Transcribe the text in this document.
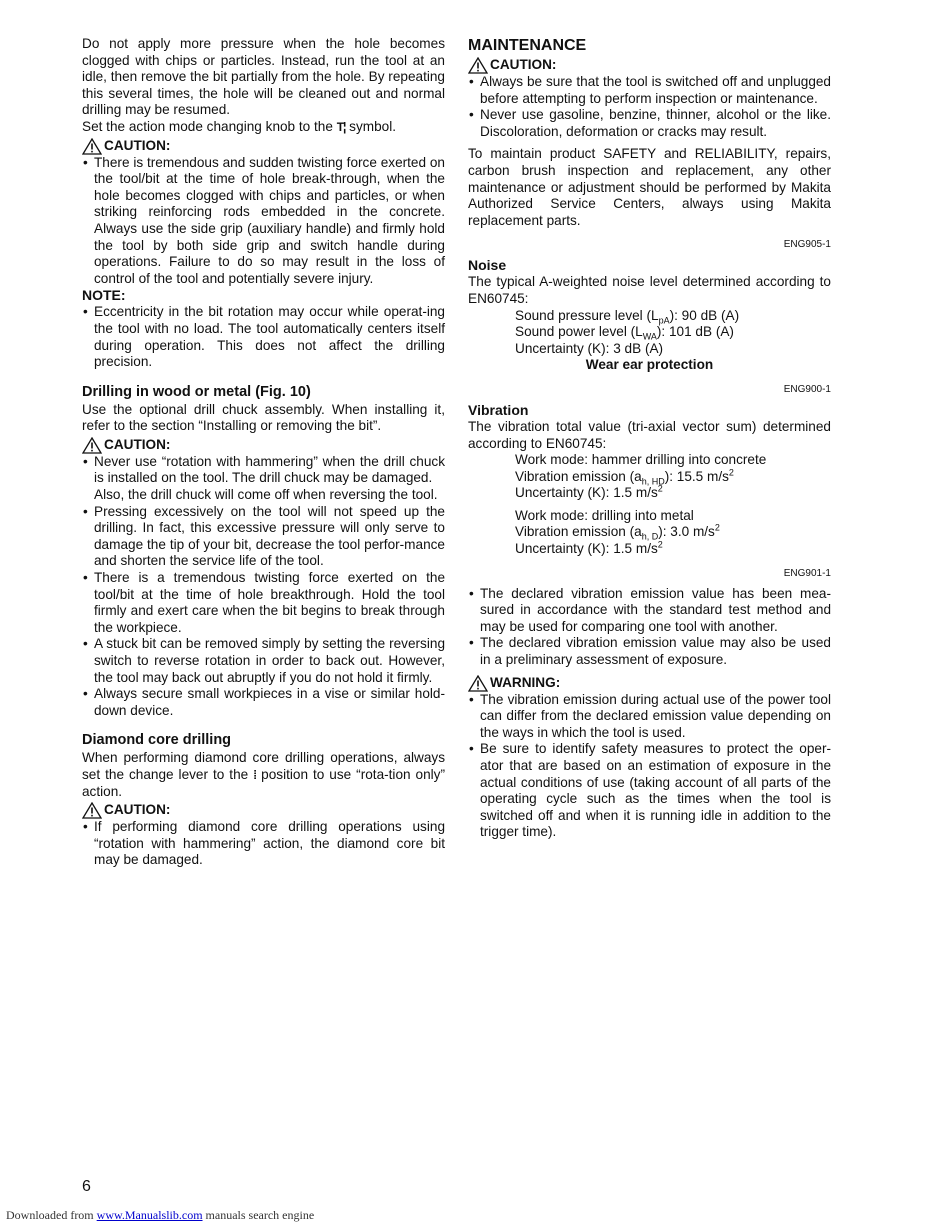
Do not apply more pressure when the hole becomes clogged with chips or particles. Instead, run the tool at an idle, then remove the bit partially from the hole. By repeating this several times, the hole will be cleaned out and normal drilling may be resumed.

Set the action mode changing knob to the T¦ symbol.

CAUTION:
• There is tremendous and sudden twisting force exerted on the tool/bit at the time of hole break-through, when the hole becomes clogged with chips and particles, or when striking reinforcing rods embedded in the concrete. Always use the side grip (auxiliary handle) and firmly hold the tool by both side grip and switch handle during operations. Failure to do so may result in the loss of control of the tool and potentially severe injury.
NOTE:
• Eccentricity in the bit rotation may occur while operat-ing the tool with no load. The tool automatically centers itself during operation. This does not affect the drilling precision.
Drilling in wood or metal (Fig. 10)

Use the optional drill chuck assembly. When installing it, refer to the section “Installing or removing the bit”.

CAUTION:
• Never use “rotation with hammering” when the drill chuck is installed on the tool. The drill chuck may be damaged.
Also, the drill chuck will come off when reversing the tool.
• Pressing excessively on the tool will not speed up the drilling. In fact, this excessive pressure will only serve to damage the tip of your bit, decrease the tool perfor-mance and shorten the service life of the tool.
• There is a tremendous twisting force exerted on the tool/bit at the time of hole breakthrough. Hold the tool firmly and exert care when the bit begins to break through the workpiece.
• A stuck bit can be removed simply by setting the reversing switch to reverse rotation in order to back out. However, the tool may back out abruptly if you do not hold it firmly.
• Always secure small workpieces in a vise or similar hold-down device.
Diamond core drilling

When performing diamond core drilling operations, always set the change lever to the ⁞ position to use “rota-tion only” action.

CAUTION:
• If performing diamond core drilling operations using “rotation with hammering” action, the diamond core bit may be damaged.
MAINTENANCE
CAUTION:
• Always be sure that the tool is switched off and unplugged before attempting to perform inspection or maintenance.
• Never use gasoline, benzine, thinner, alcohol or the like. Discoloration, deformation or cracks may result.

To maintain product SAFETY and RELIABILITY, repairs, carbon brush inspection and replacement, any other maintenance or adjustment should be performed by Makita Authorized Service Centers, always using Makita replacement parts.

ENG905-1
Noise

The typical A-weighted noise level determined according to EN60745:

Sound pressure level $(L_{pA})$: 90 dB (A)
Sound power level $(L_{WA})$: 101 dB (A)
Uncertainty (K): 3 dB (A)
Wear ear protection
ENG900-1
Vibration

The vibration total value (tri-axial vector sum) determined according to EN60745:

Work mode: hammer drilling into concrete
Vibration emission $(a_{h, HD})$: 15.5 $m/s^2$
Uncertainty (K): 1.5 $m/s^2$
Work mode: drilling into metal
Vibration emission $(a_{h, D})$: 3.0 $m/s^2$
Uncertainty (K): 1.5 $m/s^2$
ENG901-1
• The declared vibration emission value has been mea-sured in accordance with the standard test method and may be used for comparing one tool with another.
• The declared vibration emission value may also be used in a preliminary assessment of exposure.
WARNING:
• The vibration emission during actual use of the power tool can differ from the declared emission value depending on the ways in which the tool is used.
• Be sure to identify safety measures to protect the oper-ator that are based on an estimation of exposure in the actual conditions of use (taking account of all parts of the operating cycle such as the times when the tool is switched off and when it is running idle in addition to the trigger time).
6
Downloaded from www.Manualslib.com manuals search engine
